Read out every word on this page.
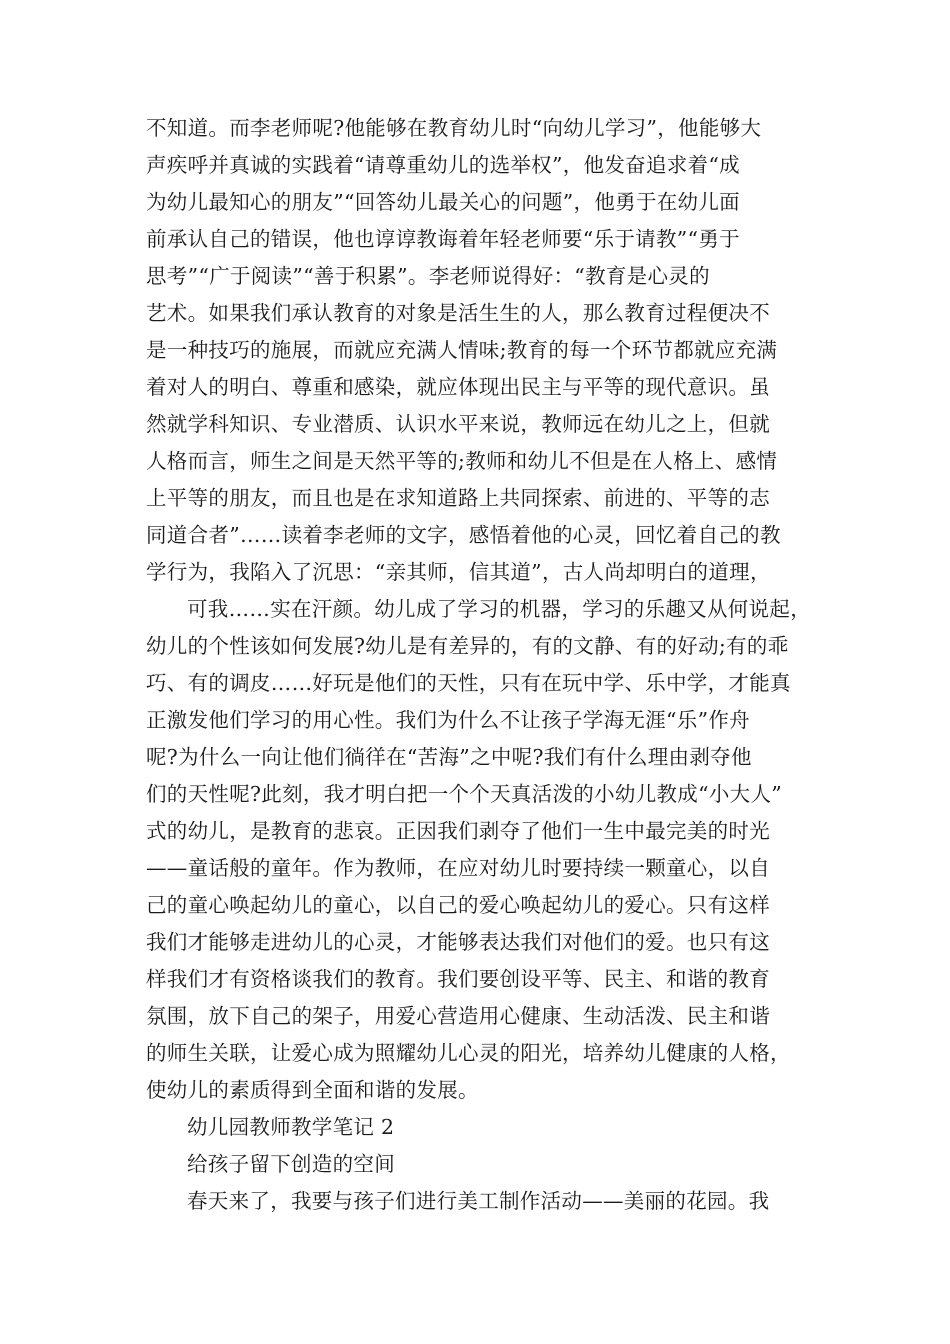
不知道。而李老师呢?他能够在教育幼儿时“向幼儿学习”，他能够大

声疾呼并真诚的实践着“请尊重幼儿的选举权”，他发奋追求着“成

为幼儿最知心的朋友”“回答幼儿最关心的问题”，他勇于在幼儿面

前承认自己的错误，他也谆谆教诲着年轻老师要“乐于请教”“勇于

思考”“广于阅读”“善于积累”。李老师说得好：“教育是心灵的

艺术。如果我们承认教育的对象是活生生的人，那么教育过程便决不

是一种技巧的施展，而就应充满人情味;教育的每一个环节都就应充满

着对人的明白、尊重和感染，就应体现出民主与平等的现代意识。虽

然就学科知识、专业潜质、认识水平来说，教师远在幼儿之上，但就

人格而言，师生之间是天然平等的;教师和幼儿不但是在人格上、感情

上平等的朋友，而且也是在求知道路上共同探索、前进的、平等的志

同道合者”……读着李老师的文字，感悟着他的心灵，回忆着自己的教

学行为，我陷入了沉思：“亲其师，信其道”，古人尚却明白的道理，

可我……实在汗颜。幼儿成了学习的机器，学习的乐趣又从何说起，

幼儿的个性该如何发展?幼儿是有差异的，有的文静、有的好动;有的乖

巧、有的调皮……好玩是他们的天性，只有在玩中学、乐中学，才能真

正激发他们学习的用心性。我们为什么不让孩子学海无涯“乐”作舟

呢?为什么一向让他们徜徉在“苦海”之中呢?我们有什么理由剥夺他

们的天性呢?此刻，我才明白把一个个天真活泼的小幼儿教成“小大人”

式的幼儿，是教育的悲哀。正因我们剥夺了他们一生中最完美的时光

——童话般的童年。作为教师，在应对幼儿时要持续一颗童心，以自

己的童心唤起幼儿的童心，以自己的爱心唤起幼儿的爱心。只有这样

我们才能够走进幼儿的心灵，才能够表达我们对他们的爱。也只有这

样我们才有资格谈我们的教育。我们要创设平等、民主、和谐的教育

氛围，放下自己的架子，用爱心营造用心健康、生动活泼、民主和谐

的师生关联，让爱心成为照耀幼儿心灵的阳光，培养幼儿健康的人格，

使幼儿的素质得到全面和谐的发展。

幼儿园教师教学笔记 2

给孩子留下创造的空间

春天来了，我要与孩子们进行美工制作活动——美丽的花园。我
